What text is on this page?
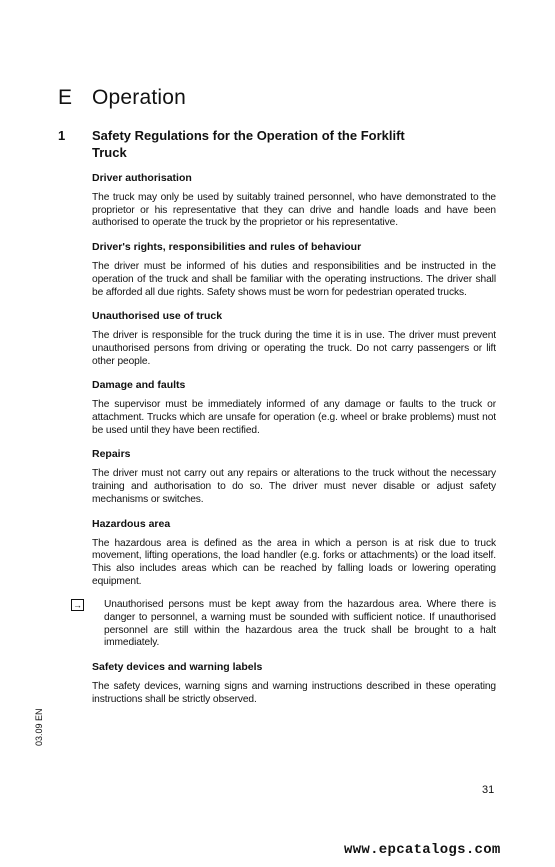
E Operation
1 Safety Regulations for the Operation of the Forklift Truck
Driver authorisation

The truck may only be used by suitably trained personnel, who have demonstrated to the proprietor or his representative that they can drive and handle loads and have been authorised to operate the truck by the proprietor or his representative.

Driver's rights, responsibilities and rules of behaviour

The driver must be informed of his duties and responsibilities and be instructed in the operation of the truck and shall be familiar with the operating instructions. The driver shall be afforded all due rights. Safety shows must be worn for pedestrian operated trucks.

Unauthorised use of truck

The driver is responsible for the truck during the time it is in use. The driver must prevent unauthorised persons from driving or operating the truck. Do not carry passengers or lift other people.

Damage and faults

The supervisor must be immediately informed of any damage or faults to the truck or attachment. Trucks which are unsafe for operation (e.g. wheel or brake problems) must not be used until they have been rectified.

Repairs

The driver must not carry out any repairs or alterations to the truck without the necessary training and authorisation to do so. The driver must never disable or adjust safety mechanisms or switches.

Hazardous area

The hazardous area is defined as the area in which a person is at risk due to truck movement, lifting operations, the load handler (e.g. forks or attachments) or the load itself. This also includes areas which can be reached by falling loads or lowering operating equipment.

→ Unauthorised persons must be kept away from the hazardous area. Where there is danger to personnel, a warning must be sounded with sufficient notice. If unauthorised personnel are still within the hazardous area the truck shall be brought to a halt immediately.

Safety devices and warning labels

The safety devices, warning signs and warning instructions described in these operating instructions shall be strictly observed.

03.09 EN
31
www.epcatalogs.com
